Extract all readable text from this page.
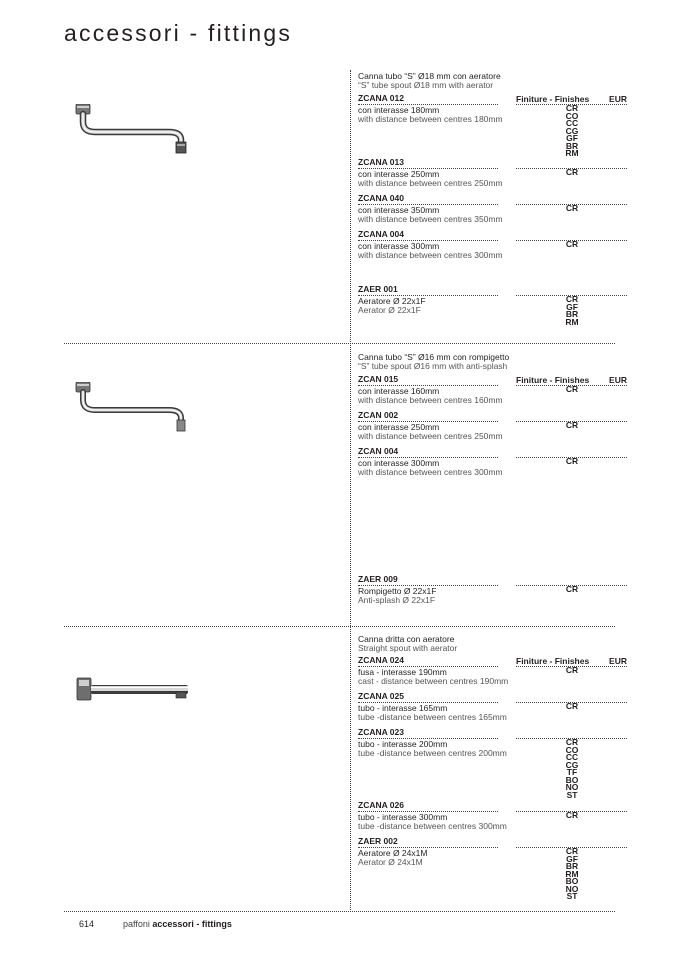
accessori - fittings
Canna tubo “S” Ø18 mm con aeratore
“S” tube spout Ø18 mm with aerator
Finiture - Finishes EUR
ZCANA 012
con interasse 180mm
with distance between centres 180mm
CR
CO
CC
CG
GF
BR
RM
ZCANA 013
con interasse 250mm
with distance between centres 250mm
CR
ZCANA 040
con interasse 350mm
with distance between centres 350mm
CR
ZCANA 004
con interasse 300mm
with distance between centres 300mm
CR
ZAER 001
Aeratore Ø 22x1F
Aerator Ø 22x1F
CR
GF
BR
RM
Canna tubo “S” Ø16 mm con rompigetto
“S” tube spout Ø16 mm with anti-splash
Finiture - Finishes EUR
ZCAN 015
con interasse 160mm
with distance between centres 160mm
CR
ZCAN 002
con interasse 250mm
with distance between centres 250mm
CR
ZCAN 004
con interasse 300mm
with distance between centres 300mm
CR
ZAER 009
Rompigetto Ø 22x1F
Anti-splash Ø 22x1F
CR
Canna dritta con aeratore
Straight spout with aerator
Finiture - Finishes EUR
ZCANA 024
fusa - interasse 190mm
cast - distance between centres 190mm
CR
ZCANA 025
tubo - interasse 165mm
tube -distance between centres 165mm
CR
ZCANA 023
tubo - interasse 200mm
tube -distance between centres 200mm
CR
CO
CC
CG
TF
BO
NO
ST
ZCANA 026
tubo - interasse 300mm
tube -distance between centres 300mm
CR
ZAER 002
Aeratore Ø 24x1M
Aerator Ø 24x1M
CR
GF
BR
RM
BO
NO
ST
614	paffoni accessori - fittings
